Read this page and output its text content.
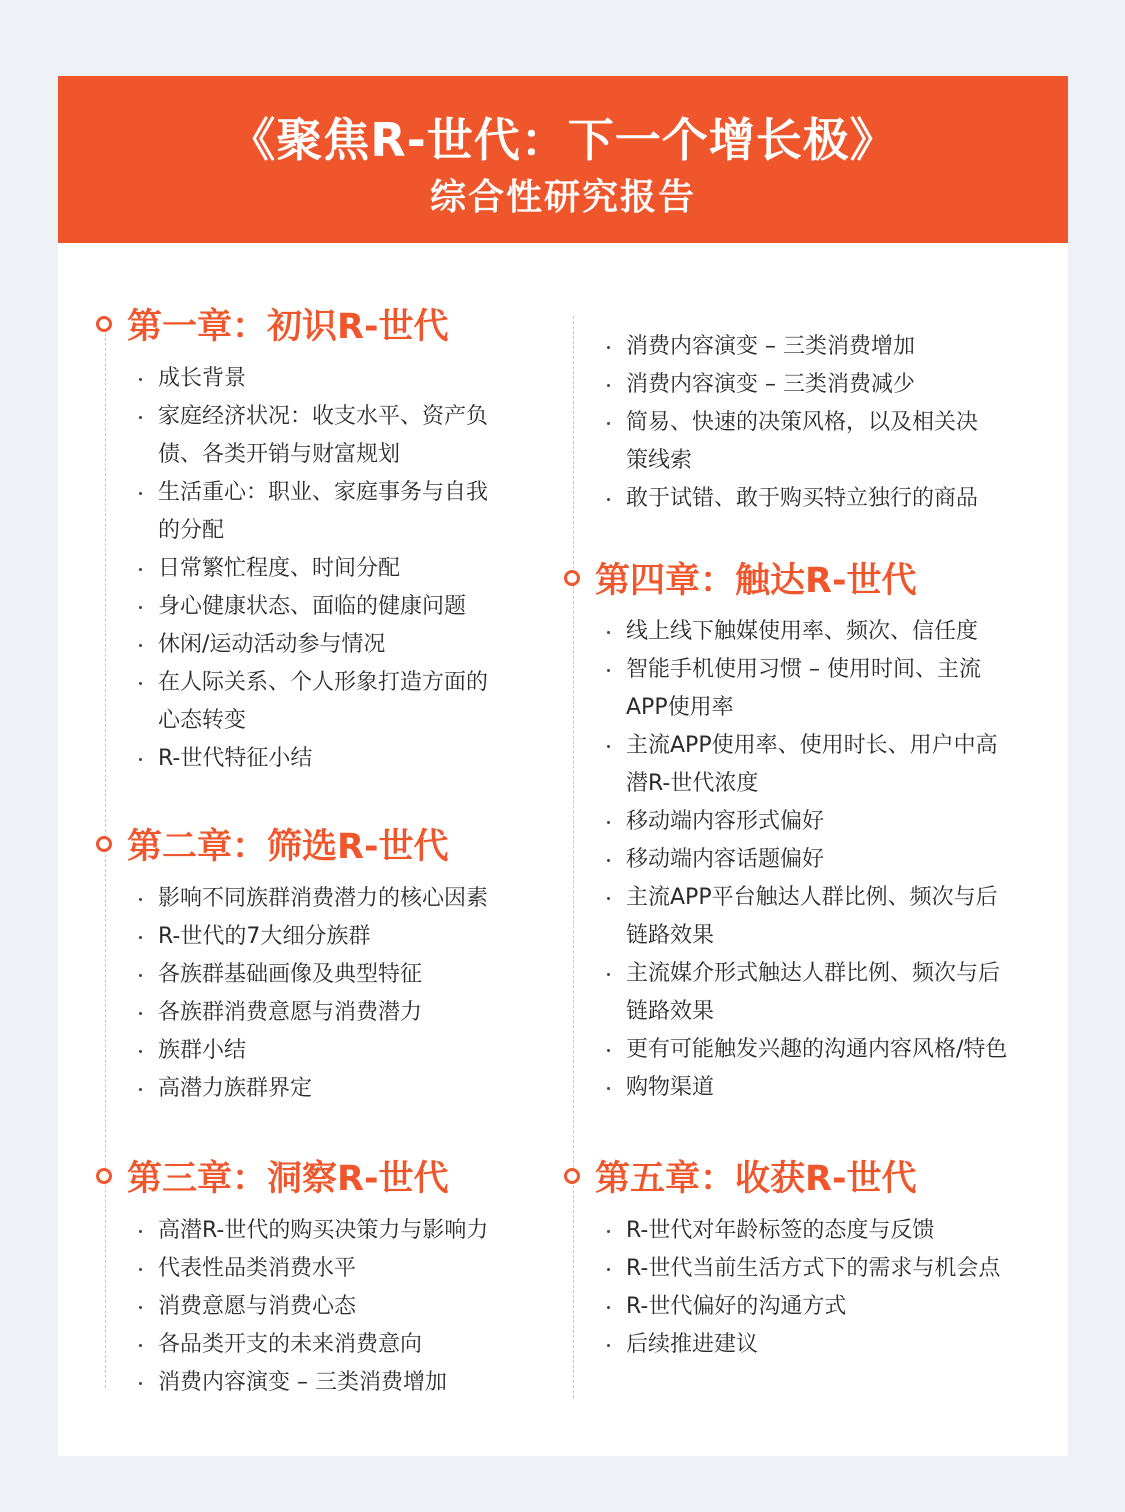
《聚焦R-世代：下一个增长极》
综合性研究报告
第一章：初识R-世代
成长背景
家庭经济状况：收支水平、资产负
债、各类开销与财富规划
生活重心：职业、家庭事务与自我
的分配
日常繁忙程度、时间分配
身心健康状态、面临的健康问题
休闲/运动活动参与情况
在人际关系、个人形象打造方面的
心态转变
R-世代特征小结
第二章：筛选R-世代
影响不同族群消费潜力的核心因素
R-世代的7大细分族群
各族群基础画像及典型特征
各族群消费意愿与消费潜力
族群小结
高潜力族群界定
第三章：洞察R-世代
高潜R-世代的购买决策力与影响力
代表性品类消费水平
消费意愿与消费心态
各品类开支的未来消费意向
消费内容演变 – 三类消费增加
消费内容演变 – 三类消费增加
消费内容演变 – 三类消费减少
简易、快速的决策风格，以及相关决
策线索
敢于试错、敢于购买特立独行的商品
第四章：触达R-世代
线上线下触媒使用率、频次、信任度
智能手机使用习惯 – 使用时间、主流
APP使用率
主流APP使用率、使用时长、用户中高
潜R-世代浓度
移动端内容形式偏好
移动端内容话题偏好
主流APP平台触达人群比例、频次与后
链路效果
主流媒介形式触达人群比例、频次与后
链路效果
更有可能触发兴趣的沟通内容风格/特色
购物渠道
第五章：收获R-世代
R-世代对年龄标签的态度与反馈
R-世代当前生活方式下的需求与机会点
R-世代偏好的沟通方式
后续推进建议
